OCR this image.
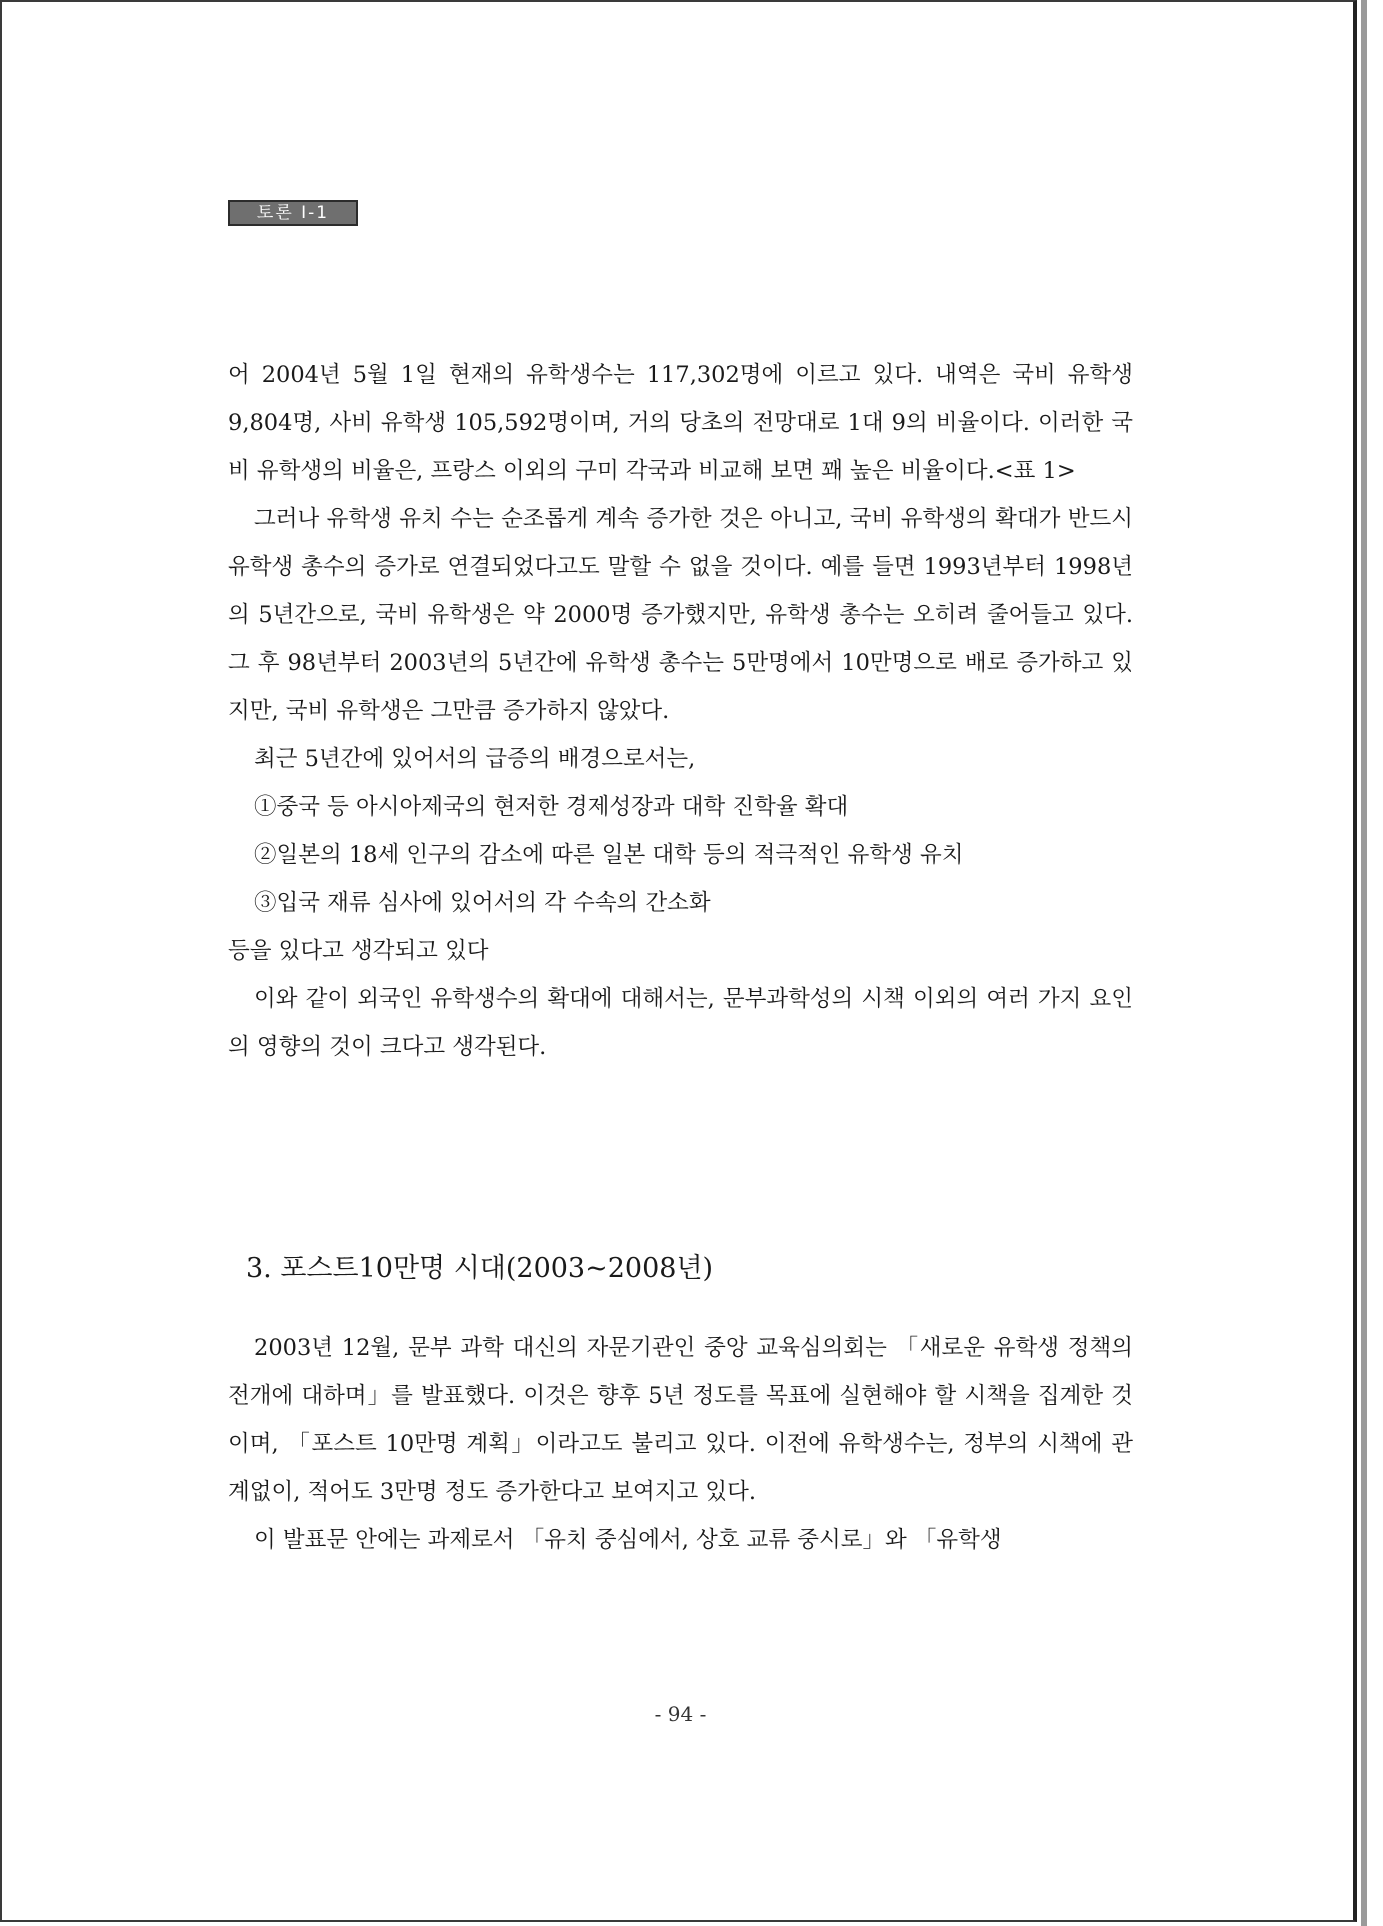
토론 Ⅰ-1

어 2004년 5월 1일 현재의 유학생수는 117,302명에 이르고 있다. 내역은 국비 유학생 9,804명, 사비 유학생 105,592명이며, 거의 당초의 전망대로 1대 9의 비율이다. 이러한 국비 유학생의 비율은, 프랑스 이외의 구미 각국과 비교해 보면 꽤 높은 비율이다.<표 1>

그러나 유학생 유치 수는 순조롭게 계속 증가한 것은 아니고, 국비 유학생의 확대가 반드시 유학생 총수의 증가로 연결되었다고도 말할 수 없을 것이다. 예를 들면 1993년부터 1998년의 5년간으로, 국비 유학생은 약 2000명 증가했지만, 유학생 총수는 오히려 줄어들고 있다. 그 후 98년부터 2003년의 5년간에 유학생 총수는 5만명에서 10만명으로 배로 증가하고 있지만, 국비 유학생은 그만큼 증가하지 않았다.

최근 5년간에 있어서의 급증의 배경으로서는,

①중국 등 아시아제국의 현저한 경제성장과 대학 진학율 확대

②일본의 18세 인구의 감소에 따른 일본 대학 등의 적극적인 유학생 유치

③입국 재류 심사에 있어서의 각 수속의 간소화

등을 있다고 생각되고 있다

이와 같이 외국인 유학생수의 확대에 대해서는, 문부과학성의 시책 이외의 여러 가지 요인의 영향의 것이 크다고 생각된다.

3. 포스트10만명 시대(2003~2008년)

2003년 12월, 문부 과학 대신의 자문기관인 중앙 교육심의회는 「새로운 유학생 정책의 전개에 대하며」를 발표했다. 이것은 향후 5년 정도를 목표에 실현해야 할 시책을 집계한 것이며, 「포스트 10만명 계획」이라고도 불리고 있다. 이전에 유학생수는, 정부의 시책에 관계없이, 적어도 3만명 정도 증가한다고 보여지고 있다.

이 발표문 안에는 과제로서 「유치 중심에서, 상호 교류 중시로」와 「유학생

- 94 -
